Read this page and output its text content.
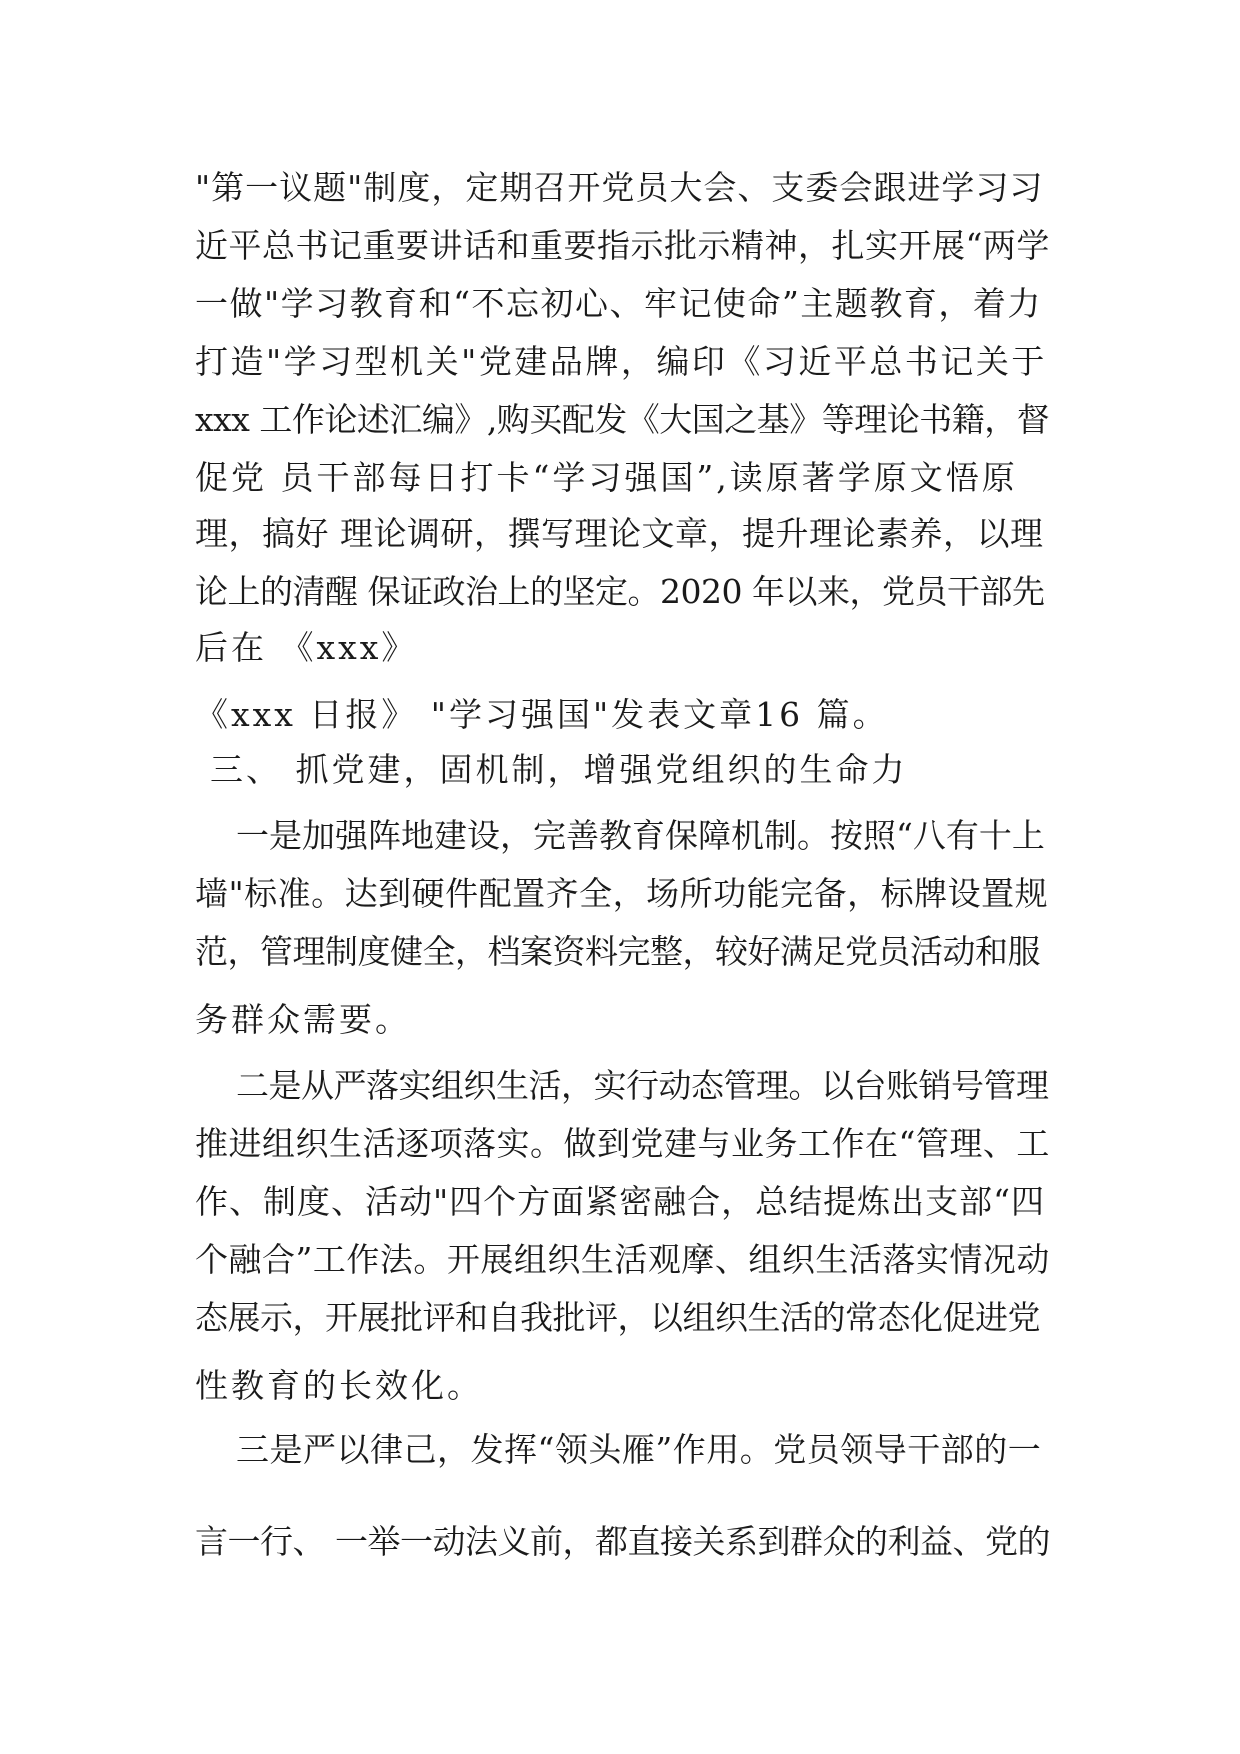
"第一议题"制度，定期召开党员大会、支委会跟进学习习
近平总书记重要讲话和重要指示批示精神，扎实开展“两学
一做"学习教育和“不忘初心、牢记使命”主题教育，着力
打造"学习型机关"党建品牌，编印《习近平总书记关于
xxx 工作论述汇编》,购买配发《大国之基》等理论书籍，督
促党 员干部每日打卡“学习强国”,读原著学原文悟原
理，搞好 理论调研，撰写理论文章，提升理论素养，以理
论上的清醒 保证政治上的坚定。2020 年以来，党员干部先
后在 《xxx》
《xxx 日报》 "学习强国"发表文章16 篇。
三、 抓党建，固机制，增强党组织的生命力
一是加强阵地建设，完善教育保障机制。按照“八有十上
墙"标准。达到硬件配置齐全，场所功能完备，标牌设置规
范，管理制度健全，档案资料完整，较好满足党员活动和服
务群众需要。
二是从严落实组织生活，实行动态管理。以台账销号管理
推进组织生活逐项落实。做到党建与业务工作在“管理、工
作、制度、活动"四个方面紧密融合，总结提炼出支部“四
个融合”工作法。开展组织生活观摩、组织生活落实情况动
态展示，开展批评和自我批评，以组织生活的常态化促进党
性教育的长效化。
三是严以律己，发挥“领头雁”作用。党员领导干部的一
言一行、 一举一动法义前，都直接关系到群众的利益、党的
